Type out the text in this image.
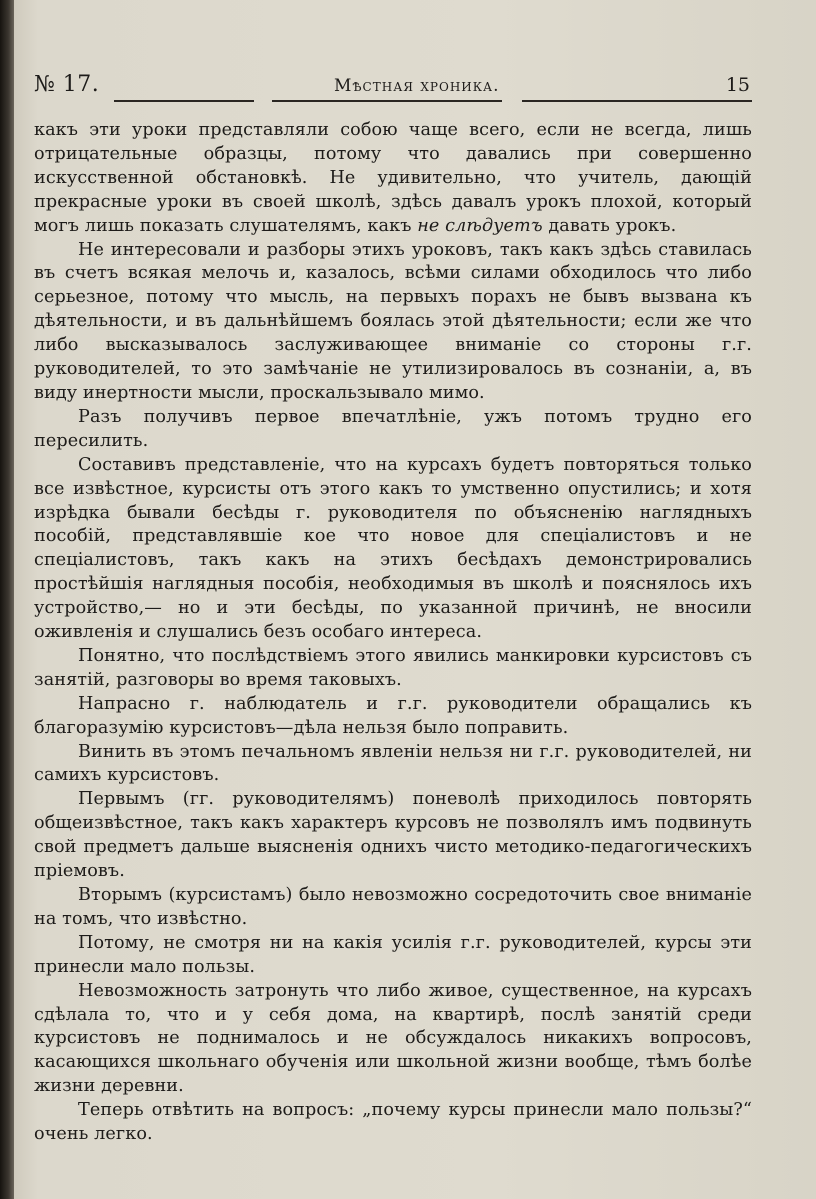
№ 17.	Мѣстная хроника.	15

какъ эти уроки представляли собою чаще всего, если не всегда, лишь отрицательные образцы, потому что давались при совершенно искусственной обстановкѣ. Не удивительно, что учитель, дающій прекрасные уроки въ своей школѣ, здѣсь давалъ урокъ плохой, который могъ лишь показать слушателямъ, какъ не слѣдуетъ давать урокъ.

Не интересовали и разборы этихъ уроковъ, такъ какъ здѣсь ставилась въ счетъ всякая мелочь и, казалось, всѣми силами обходилось что либо серьезное, потому что мысль, на первыхъ порахъ не бывъ вызвана къ дѣятельности, и въ дальнѣйшемъ боялась этой дѣятельности; если же что либо высказывалось заслуживающее вниманіе со стороны г.г. руководителей, то это замѣчаніе не утилизировалось въ сознаніи, а, въ виду инертности мысли, проскальзывало мимо.

Разъ получивъ первое впечатлѣніе, ужъ потомъ трудно его пересилить.

Составивъ представленіе, что на курсахъ будетъ повторяться только все извѣстное, курсисты отъ этого какъ то умственно опустились; и хотя изрѣдка бывали бесѣды г. руководителя по объясненію наглядныхъ пособій, представлявшіе кое что новое для спеціалистовъ и не спеціалистовъ, такъ какъ на этихъ бесѣдахъ демонстрировались простѣйшія наглядныя пособія, необходимыя въ школѣ и пояснялось ихъ устройство,— но и эти бесѣды, по указанной причинѣ, не вносили оживленія и слушались безъ особаго интереса.

Понятно, что послѣдствіемъ этого явились манкировки курсистовъ съ занятій, разговоры во время таковыхъ.

Напрасно г. наблюдатель и г.г. руководители обращались къ благоразумію курсистовъ—дѣла нельзя было поправить.

Винить въ этомъ печальномъ явленіи нельзя ни г.г. руководителей, ни самихъ курсистовъ.

Первымъ (гг. руководителямъ) поневолѣ приходилось повторять общеизвѣстное, такъ какъ характеръ курсовъ не позволялъ имъ подвинуть свой предметъ дальше выясненія однихъ чисто методико-педагогическихъ пріемовъ.

Вторымъ (курсистамъ) было невозможно сосредоточить свое вниманіе на томъ, что извѣстно.

Потому, не смотря ни на какія усилія г.г. руководителей, курсы эти принесли мало пользы.

Невозможность затронуть что либо живое, существенное, на курсахъ сдѣлала то, что и у себя дома, на квартирѣ, послѣ занятій среди курсистовъ не поднималось и не обсуждалось никакихъ вопросовъ, касающихся школьнаго обученія или школьной жизни вообще, тѣмъ болѣе жизни деревни.

Теперь отвѣтить на вопросъ: „почему курсы принесли мало пользы?“ очень легко.
